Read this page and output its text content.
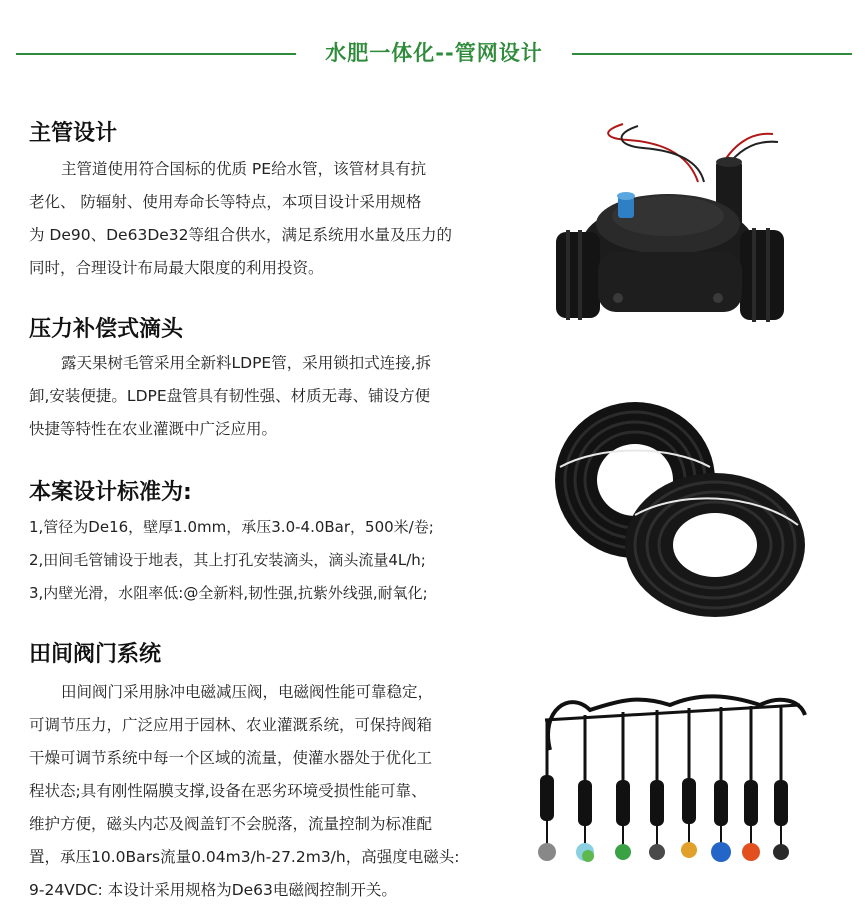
水肥一体化--管网设计
主管设计

主管道使用符合国标的优质 PE给水管，该管材具有抗

老化、 防辐射、使用寿命长等特点，本项目设计采用规格

为 De90、De63De32等组合供水，满足系统用水量及压力的

同时，合理设计布局最大限度的利用投资。

压力补偿式滴头

露天果树毛管采用全新料LDPE管，采用锁扣式连接,拆

卸,安装便捷。LDPE盘管具有韧性强、材质无毒、铺设方便

快捷等特性在农业灌溉中广泛应用。

本案设计标准为:

1,管径为De16，壁厚1.0mm，承压3.0-4.0Bar，500米/卷;

2,田间毛管铺设于地表，其上打孔安装滴头，滴头流量4L/h;

3,内壁光滑，水阻率低:@全新料,韧性强,抗紫外线强,耐氧化;

田间阀门系统

田间阀门采用脉冲电磁减压阀，电磁阀性能可靠稳定，

可调节压力，广泛应用于园林、农业灌溉系统，可保持阀箱

干燥可调节系统中每一个区域的流量，使灌水器处于优化工

程状态;具有刚性隔膜支撑,设备在恶劣环境受损性能可靠、

维护方便，磁头内芯及阀盖钉不会脱落，流量控制为标准配

置，承压10.0Bars流量0.04m3/h-27.2m3/h，高强度电磁头:

9-24VDC: 本设计采用规格为De63电磁阀控制开关。
